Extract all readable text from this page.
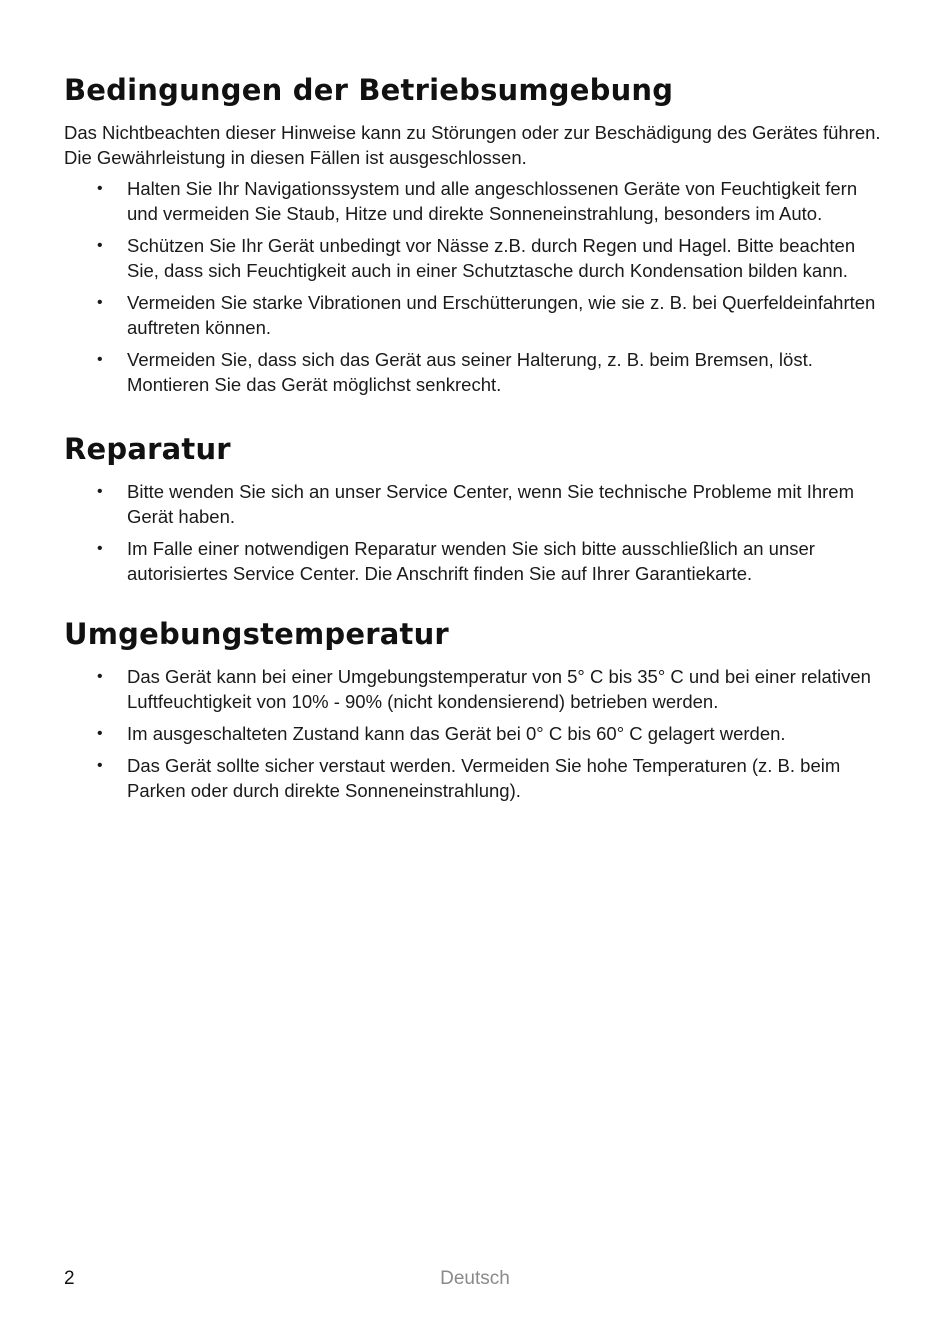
Bedingungen der Betriebsumgebung

Das Nichtbeachten dieser Hinweise kann zu Störungen oder zur Beschädigung des Gerätes führen. Die Gewährleistung in diesen Fällen ist ausgeschlossen.

• Halten Sie Ihr Navigationssystem und alle angeschlossenen Geräte von Feuchtigkeit fern und vermeiden Sie Staub, Hitze und direkte Sonneneinstrahlung, besonders im Auto.
• Schützen Sie Ihr Gerät unbedingt vor Nässe z.B. durch Regen und Hagel. Bitte beachten Sie, dass sich Feuchtigkeit auch in einer Schutztasche durch Kondensation bilden kann.
• Vermeiden Sie starke Vibrationen und Erschütterungen, wie sie z. B. bei Querfeldeinfahrten auftreten können.
• Vermeiden Sie, dass sich das Gerät aus seiner Halterung, z. B. beim Bremsen, löst. Montieren Sie das Gerät möglichst senkrecht.
Reparatur
• Bitte wenden Sie sich an unser Service Center, wenn Sie technische Probleme mit Ihrem Gerät haben.
• Im Falle einer notwendigen Reparatur wenden Sie sich bitte ausschließlich an unser autorisiertes Service Center. Die Anschrift finden Sie auf Ihrer Garantiekarte.
Umgebungstemperatur
• Das Gerät kann bei einer Umgebungstemperatur von 5° C bis 35° C und bei einer relativen Luftfeuchtigkeit von 10% - 90% (nicht kondensierend) betrieben werden.
• Im ausgeschalteten Zustand kann das Gerät bei 0° C bis 60° C gelagert werden.
• Das Gerät sollte sicher verstaut werden. Vermeiden Sie hohe Temperaturen (z. B. beim Parken oder durch direkte Sonneneinstrahlung).
2	Deutsch
